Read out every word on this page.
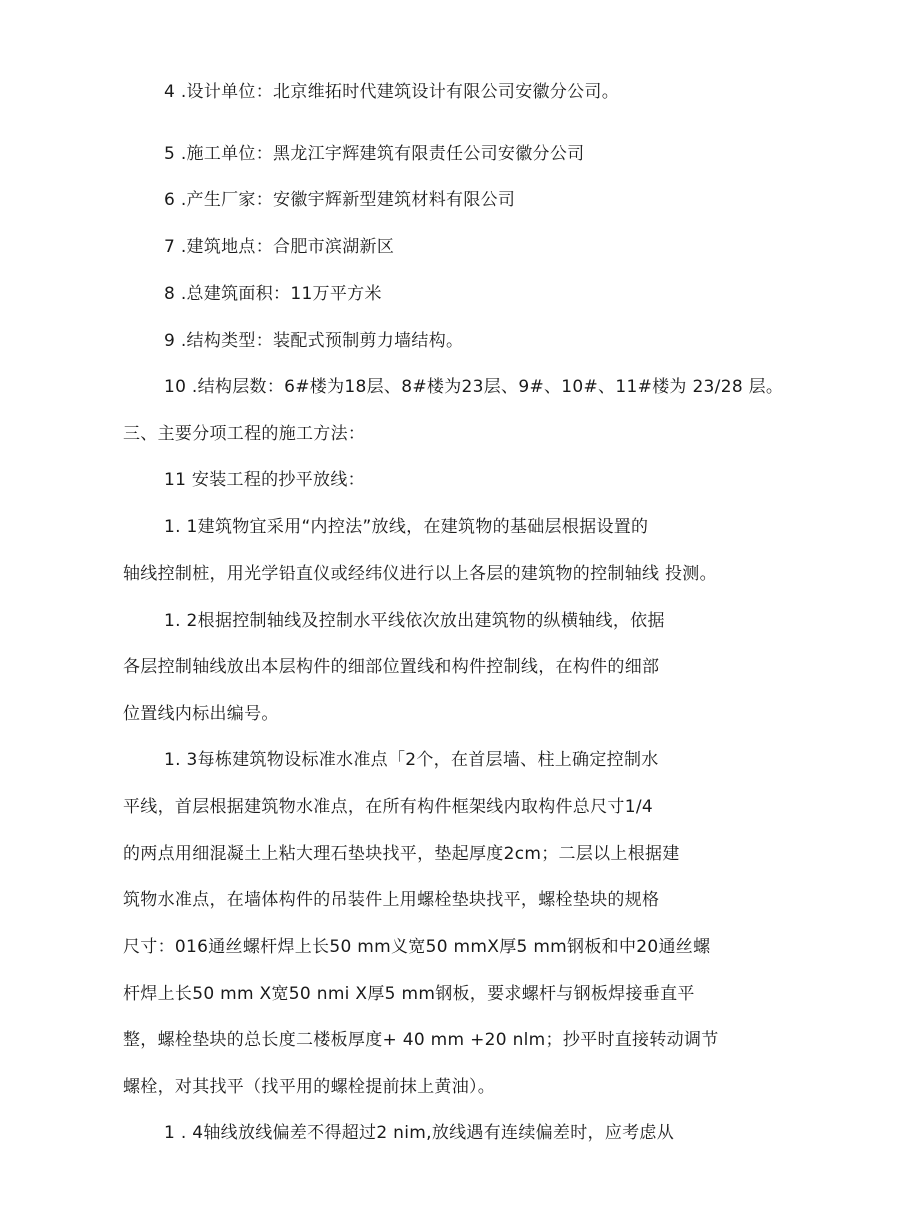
4 .设计单位：北京维拓时代建筑设计有限公司安徽分公司。
5 .施工单位：黑龙江宇辉建筑有限责任公司安徽分公司
6 .产生厂家：安徽宇辉新型建筑材料有限公司
7 .建筑地点：合肥市滨湖新区
8 .总建筑面积：11万平方米
9 .结构类型：装配式预制剪力墙结构。
10 .结构层数：6#楼为18层、8#楼为23层、9#、10#、11#楼为 23/28 层。
三、主要分项工程的施工方法：
11 安装工程的抄平放线：
1. 1建筑物宜采用“内控法”放线，在建筑物的基础层根据设置的
轴线控制桩，用光学铅直仪或经纬仪进行以上各层的建筑物的控制轴线 投测。
1. 2根据控制轴线及控制水平线依次放出建筑物的纵横轴线，依据
各层控制轴线放出本层构件的细部位置线和构件控制线，在构件的细部
位置线内标出编号。
1. 3每栋建筑物设标准水准点「2个，在首层墙、柱上确定控制水
平线，首层根据建筑物水准点，在所有构件框架线内取构件总尺寸1/4
的两点用细混凝土上粘大理石垫块找平，垫起厚度2cm；二层以上根据建
筑物水准点，在墙体构件的吊装件上用螺栓垫块找平，螺栓垫块的规格
尺寸：016通丝螺杆焊上长50 mm义宽50 mmX厚5 mm钢板和中20通丝螺
杆焊上长50 mm X宽50 nmi X厚5 mm钢板，要求螺杆与钢板焊接垂直平
整，螺栓垫块的总长度二楼板厚度+ 40 mm +20 nlm；抄平时直接转动调节
螺栓，对其找平（找平用的螺栓提前抹上黄油）。
1 . 4轴线放线偏差不得超过2 nim,放线遇有连续偏差时，应考虑从
